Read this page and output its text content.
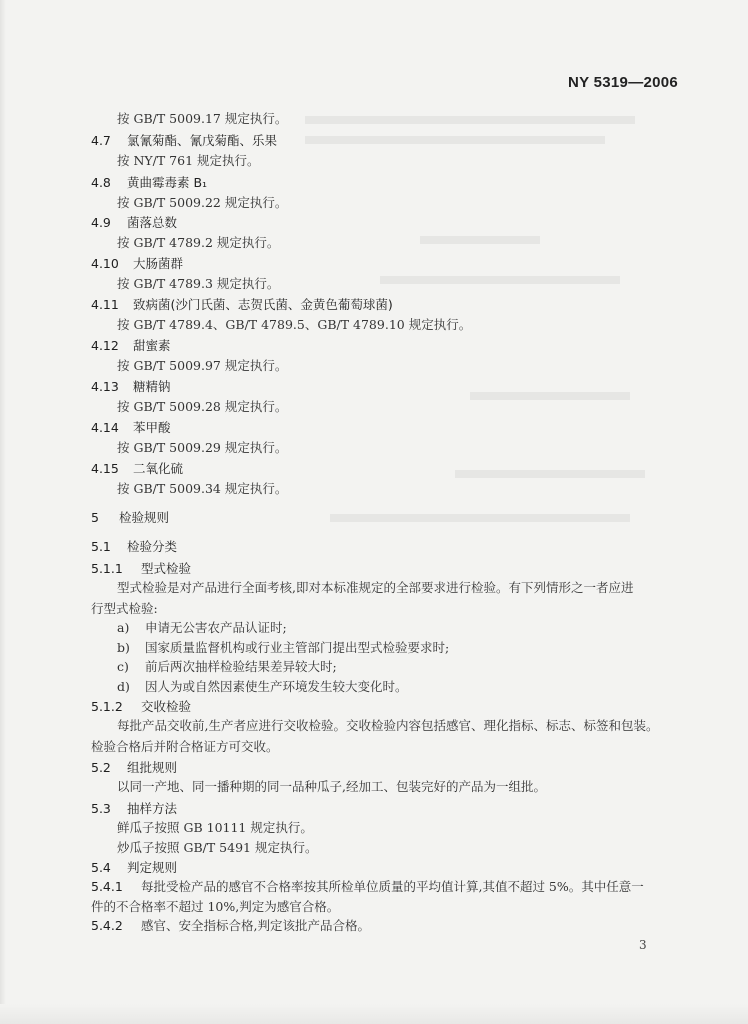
NY 5319—2006
按 GB/T 5009.17 规定执行。
4.7 氯氰菊酯、氰戊菊酯、乐果
按 NY/T 761 规定执行。
4.8 黄曲霉毒素 B₁
按 GB/T 5009.22 规定执行。
4.9 菌落总数
按 GB/T 4789.2 规定执行。
4.10 大肠菌群
按 GB/T 4789.3 规定执行。
4.11 致病菌(沙门氏菌、志贺氏菌、金黄色葡萄球菌)
按 GB/T 4789.4、GB/T 4789.5、GB/T 4789.10 规定执行。
4.12 甜蜜素
按 GB/T 5009.97 规定执行。
4.13 糖精钠
按 GB/T 5009.28 规定执行。
4.14 苯甲酸
按 GB/T 5009.29 规定执行。
4.15 二氧化硫
按 GB/T 5009.34 规定执行。
5 检验规则
5.1 检验分类
5.1.1 型式检验
型式检验是对产品进行全面考核,即对本标准规定的全部要求进行检验。有下列情形之一者应进
行型式检验:
a) 申请无公害农产品认证时;
b) 国家质量监督机构或行业主管部门提出型式检验要求时;
c) 前后两次抽样检验结果差异较大时;
d) 因人为或自然因素使生产环境发生较大变化时。
5.1.2 交收检验
每批产品交收前,生产者应进行交收检验。交收检验内容包括感官、理化指标、标志、标签和包装。
检验合格后并附合格证方可交收。
5.2 组批规则
以同一产地、同一播种期的同一品种瓜子,经加工、包装完好的产品为一组批。
5.3 抽样方法
鲜瓜子按照 GB 10111 规定执行。
炒瓜子按照 GB/T 5491 规定执行。
5.4 判定规则
5.4.1 每批受检产品的感官不合格率按其所检单位质量的平均值计算,其值不超过 5%。其中任意一
件的不合格率不超过 10%,判定为感官合格。
5.4.2 感官、安全指标合格,判定该批产品合格。
3
